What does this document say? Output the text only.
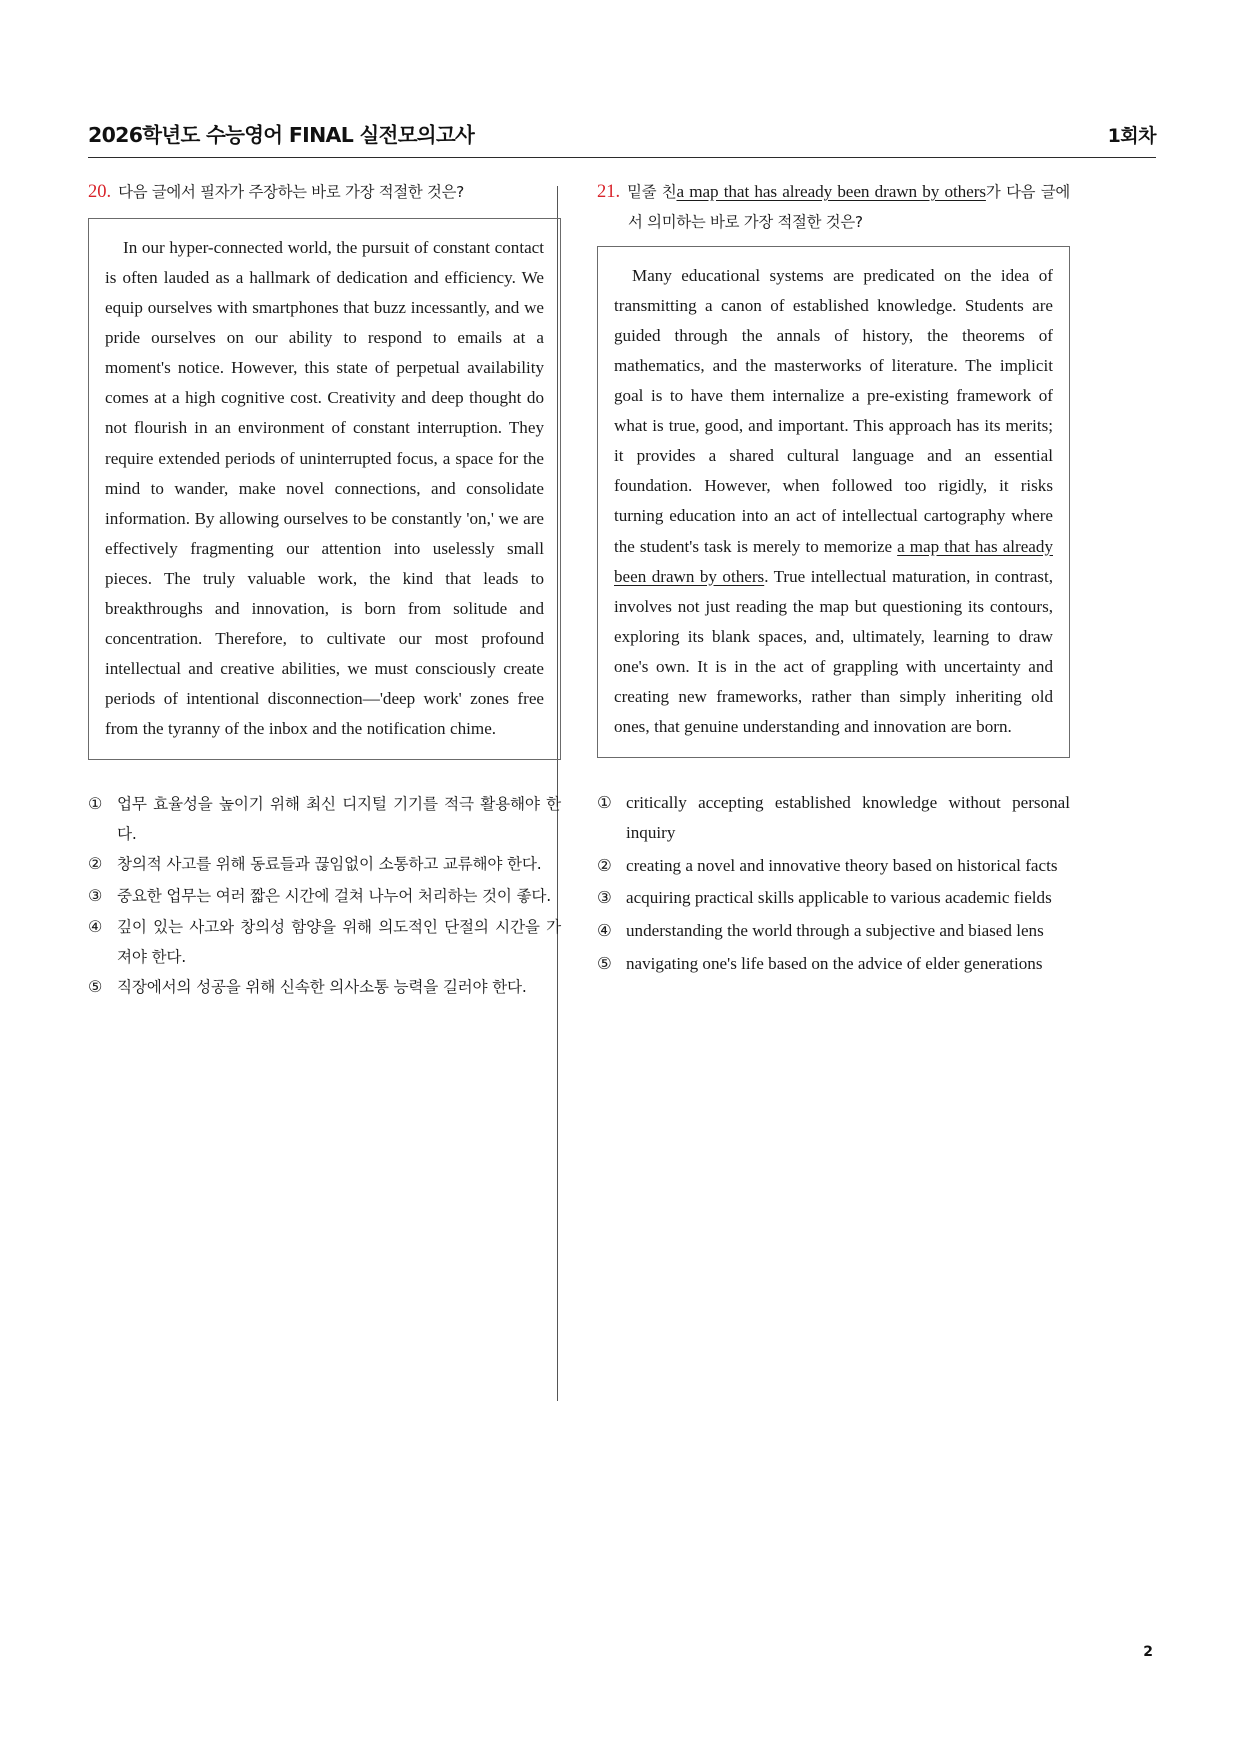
2026학년도 수능영어 FINAL 실전모의고사	1회차
20. 다음 글에서 필자가 주장하는 바로 가장 적절한 것은?

In our hyper-connected world, the pursuit of constant contact is often lauded as a hallmark of dedication and efficiency. We equip ourselves with smartphones that buzz incessantly, and we pride ourselves on our ability to respond to emails at a moment's notice. However, this state of perpetual availability comes at a high cognitive cost. Creativity and deep thought do not flourish in an environment of constant interruption. They require extended periods of uninterrupted focus, a space for the mind to wander, make novel connections, and consolidate information. By allowing ourselves to be constantly 'on,' we are effectively fragmenting our attention into uselessly small pieces. The truly valuable work, the kind that leads to breakthroughs and innovation, is born from solitude and concentration. Therefore, to cultivate our most profound intellectual and creative abilities, we must consciously create periods of intentional disconnection—'deep work' zones free from the tyranny of the inbox and the notification chime.

① 업무 효율성을 높이기 위해 최신 디지털 기기를 적극 활용해야 한다.
② 창의적 사고를 위해 동료들과 끊임없이 소통하고 교류해야 한다.
③ 중요한 업무는 여러 짧은 시간에 걸쳐 나누어 처리하는 것이 좋다.
④ 깊이 있는 사고와 창의성 함양을 위해 의도적인 단절의 시간을 가져야 한다.
⑤ 직장에서의 성공을 위해 신속한 의사소통 능력을 길러야 한다.
21. 밑줄 친a map that has already been drawn by others가 다음 글에서 의미하는 바로 가장 적절한 것은?

Many educational systems are predicated on the idea of transmitting a canon of established knowledge. Students are guided through the annals of history, the theorems of mathematics, and the masterworks of literature. The implicit goal is to have them internalize a pre-existing framework of what is true, good, and important. This approach has its merits; it provides a shared cultural language and an essential foundation. However, when followed too rigidly, it risks turning education into an act of intellectual cartography where the student's task is merely to memorize a map that has already been drawn by others. True intellectual maturation, in contrast, involves not just reading the map but questioning its contours, exploring its blank spaces, and, ultimately, learning to draw one's own. It is in the act of grappling with uncertainty and creating new frameworks, rather than simply inheriting old ones, that genuine understanding and innovation are born.

① critically accepting established knowledge without personal inquiry
② creating a novel and innovative theory based on historical facts
③ acquiring practical skills applicable to various academic fields
④ understanding the world through a subjective and biased lens
⑤ navigating one's life based on the advice of elder generations
2
